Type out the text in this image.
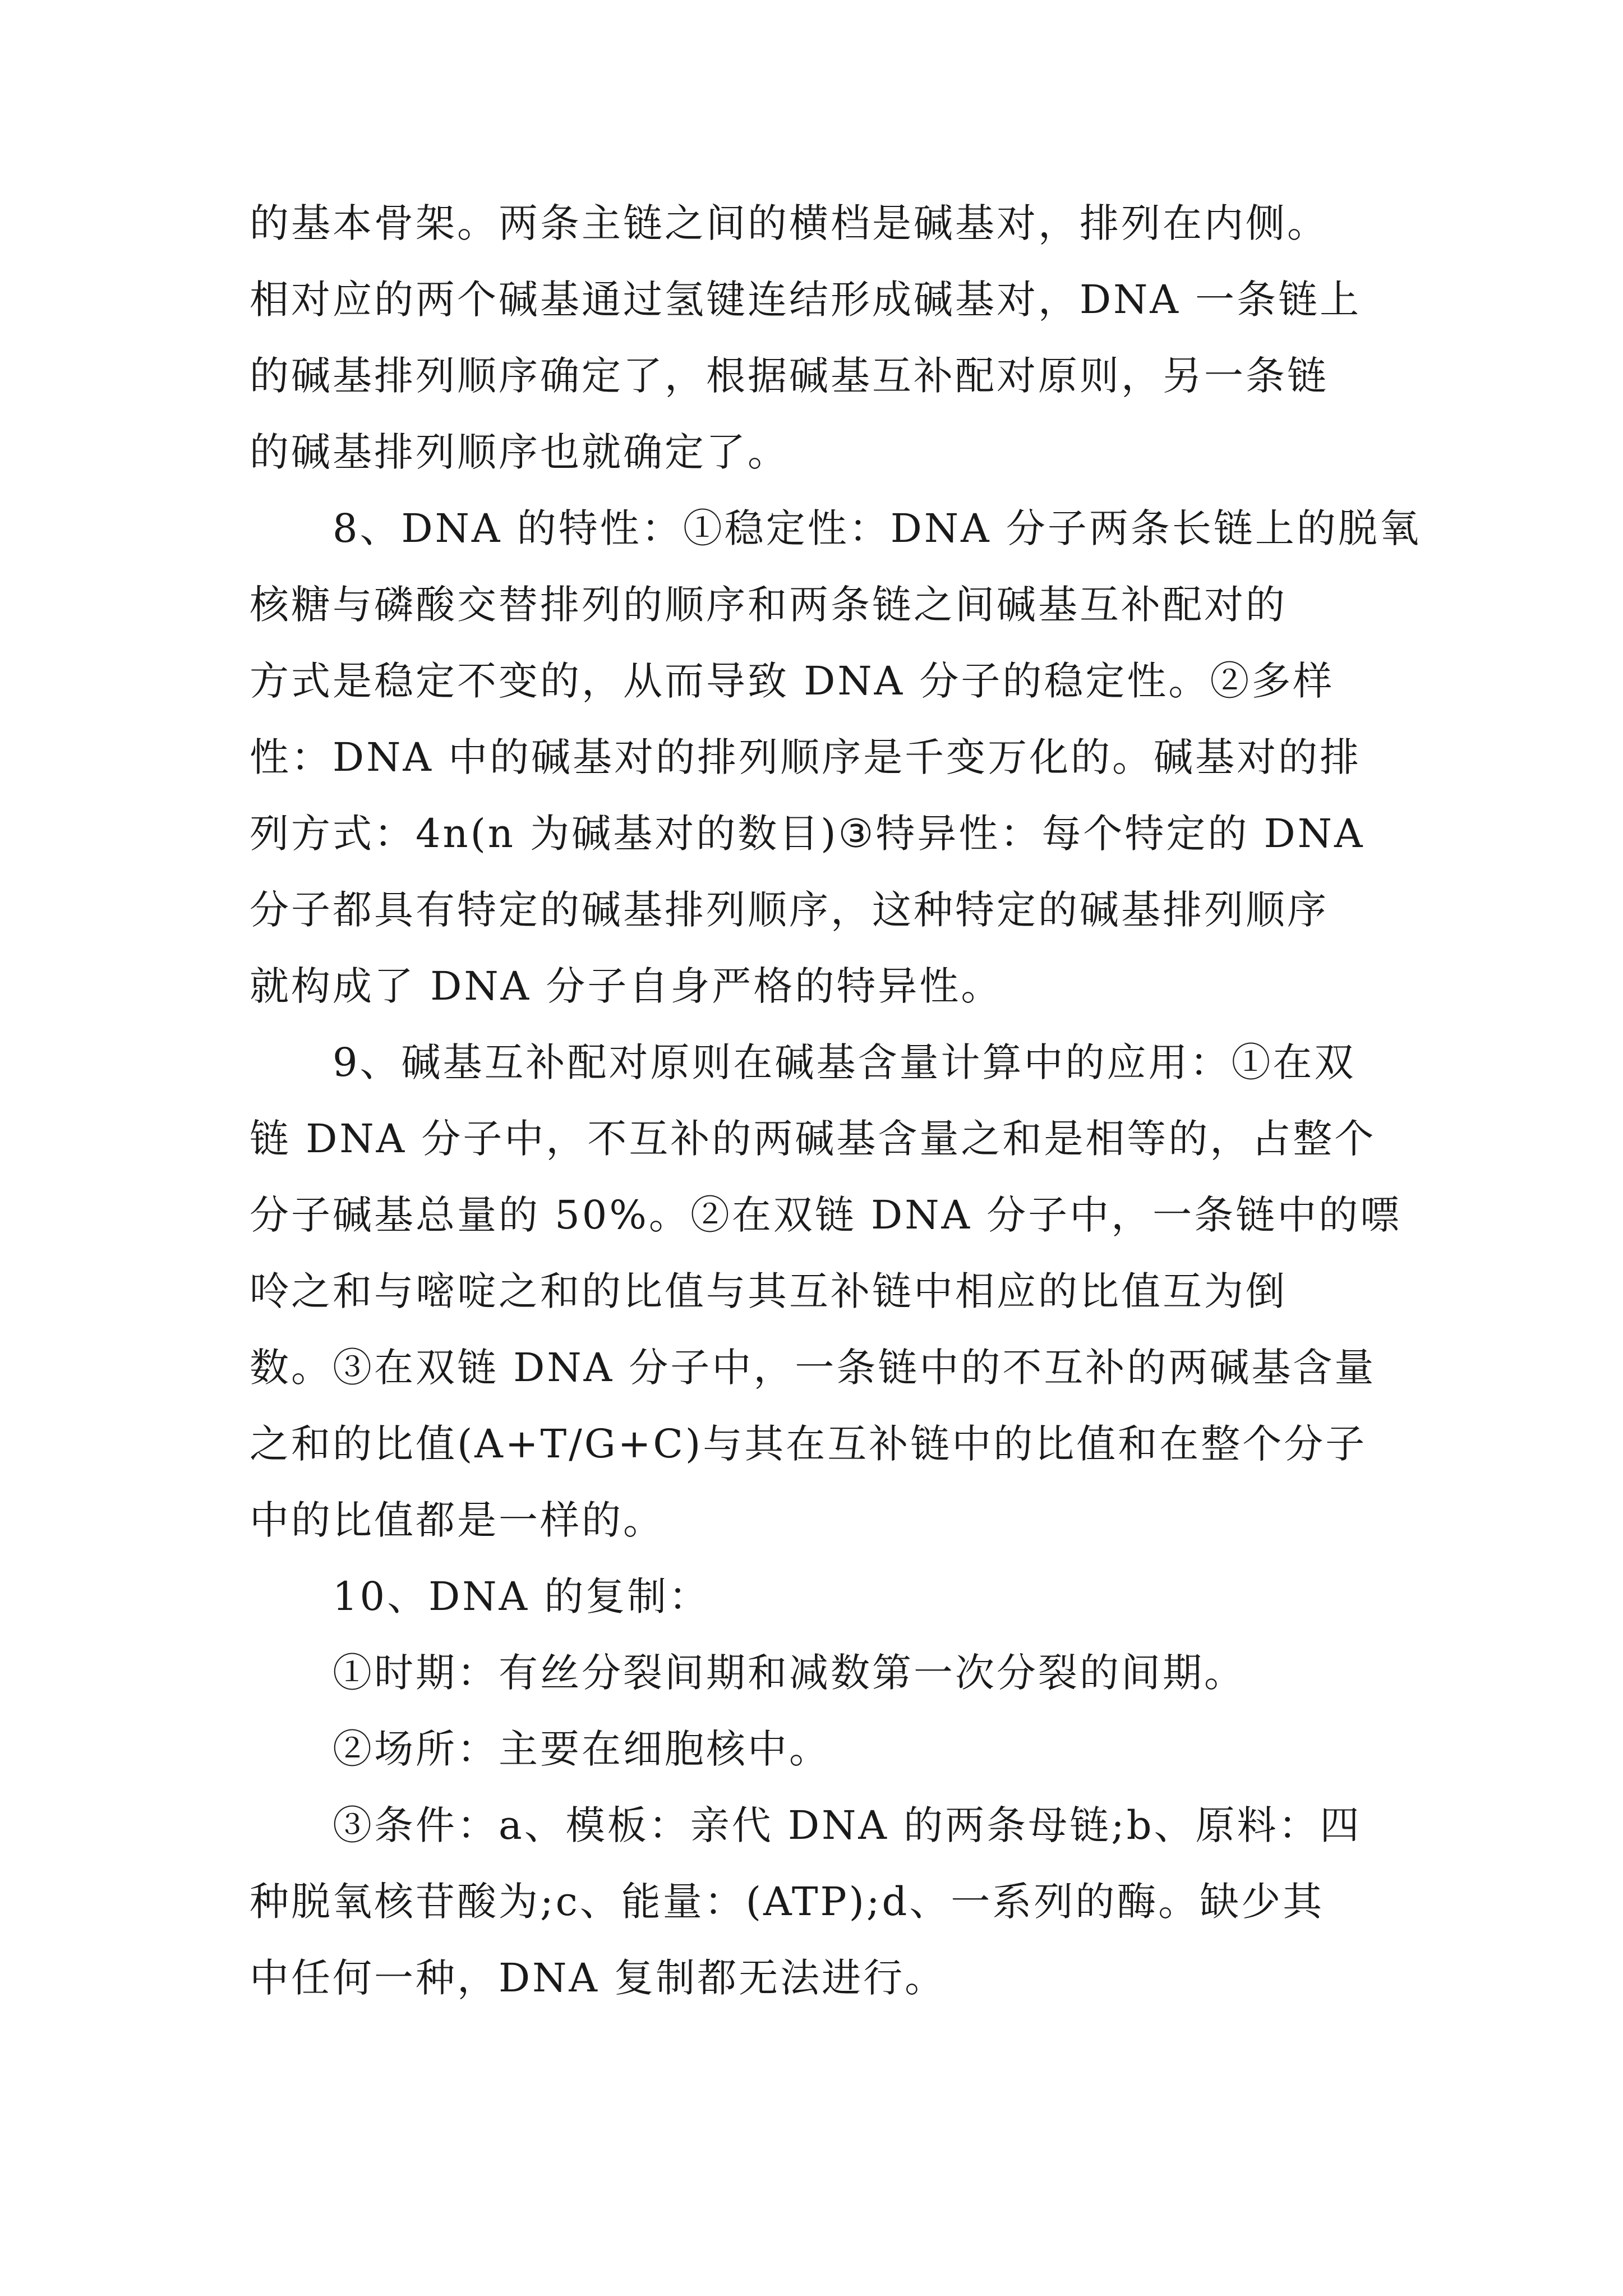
的基本骨架。两条主链之间的横档是碱基对，排列在内侧。
相对应的两个碱基通过氢键连结形成碱基对，DNA 一条链上
的碱基排列顺序确定了，根据碱基互补配对原则，另一条链
的碱基排列顺序也就确定了。
8、DNA 的特性：①稳定性：DNA 分子两条长链上的脱氧
核糖与磷酸交替排列的顺序和两条链之间碱基互补配对的
方式是稳定不变的，从而导致 DNA 分子的稳定性。②多样
性：DNA 中的碱基对的排列顺序是千变万化的。碱基对的排
列方式：4n(n 为碱基对的数目)③特异性：每个特定的 DNA
分子都具有特定的碱基排列顺序，这种特定的碱基排列顺序
就构成了 DNA 分子自身严格的特异性。
9、碱基互补配对原则在碱基含量计算中的应用：①在双
链 DNA 分子中，不互补的两碱基含量之和是相等的，占整个
分子碱基总量的 50%。②在双链 DNA 分子中，一条链中的嘌
呤之和与嘧啶之和的比值与其互补链中相应的比值互为倒
数。③在双链 DNA 分子中，一条链中的不互补的两碱基含量
之和的比值(A+T/G+C)与其在互补链中的比值和在整个分子
中的比值都是一样的。
10、DNA 的复制：
①时期：有丝分裂间期和减数第一次分裂的间期。
②场所：主要在细胞核中。
③条件：a、模板：亲代 DNA 的两条母链;b、原料：四
种脱氧核苷酸为;c、能量：(ATP);d、一系列的酶。缺少其
中任何一种，DNA 复制都无法进行。
